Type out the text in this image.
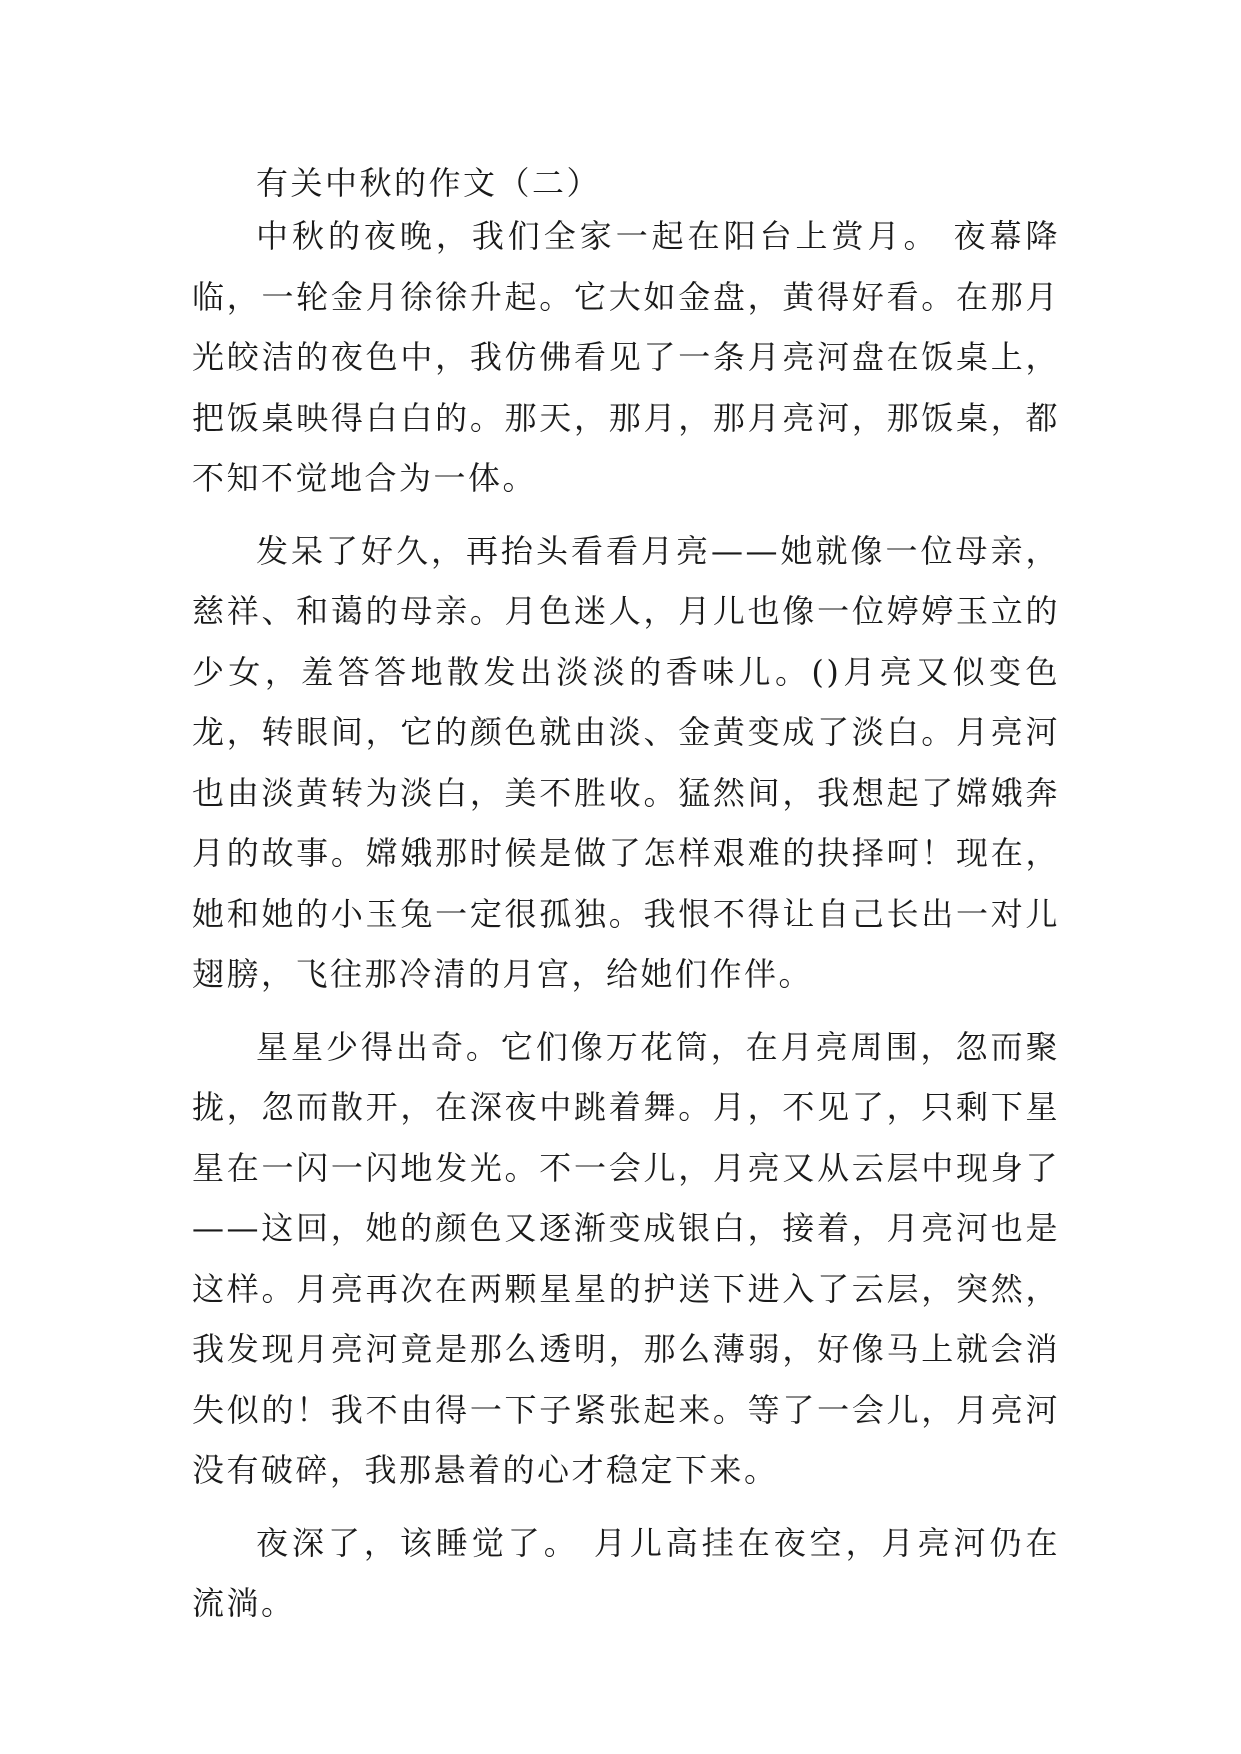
有关中秋的作文（二）

中秋的夜晚，我们全家一起在阳台上赏月。 夜幕降临，一轮金月徐徐升起。它大如金盘，黄得好看。在那月光皎洁的夜色中，我仿佛看见了一条月亮河盘在饭桌上，把饭桌映得白白的。那天，那月，那月亮河，那饭桌，都不知不觉地合为一体。

发呆了好久，再抬头看看月亮——她就像一位母亲，慈祥、和蔼的母亲。月色迷人，月儿也像一位婷婷玉立的少女，羞答答地散发出淡淡的香味儿。()月亮又似变色龙，转眼间，它的颜色就由淡、金黄变成了淡白。月亮河也由淡黄转为淡白，美不胜收。猛然间，我想起了嫦娥奔月的故事。嫦娥那时候是做了怎样艰难的抉择呵！现在，她和她的小玉兔一定很孤独。我恨不得让自己长出一对儿翅膀，飞往那冷清的月宫，给她们作伴。

星星少得出奇。它们像万花筒，在月亮周围，忽而聚拢，忽而散开，在深夜中跳着舞。月，不见了，只剩下星星在一闪一闪地发光。不一会儿，月亮又从云层中现身了——这回，她的颜色又逐渐变成银白，接着，月亮河也是这样。月亮再次在两颗星星的护送下进入了云层，突然，我发现月亮河竟是那么透明，那么薄弱，好像马上就会消失似的！我不由得一下子紧张起来。等了一会儿，月亮河没有破碎，我那悬着的心才稳定下来。

夜深了，该睡觉了。 月儿高挂在夜空，月亮河仍在流淌。
